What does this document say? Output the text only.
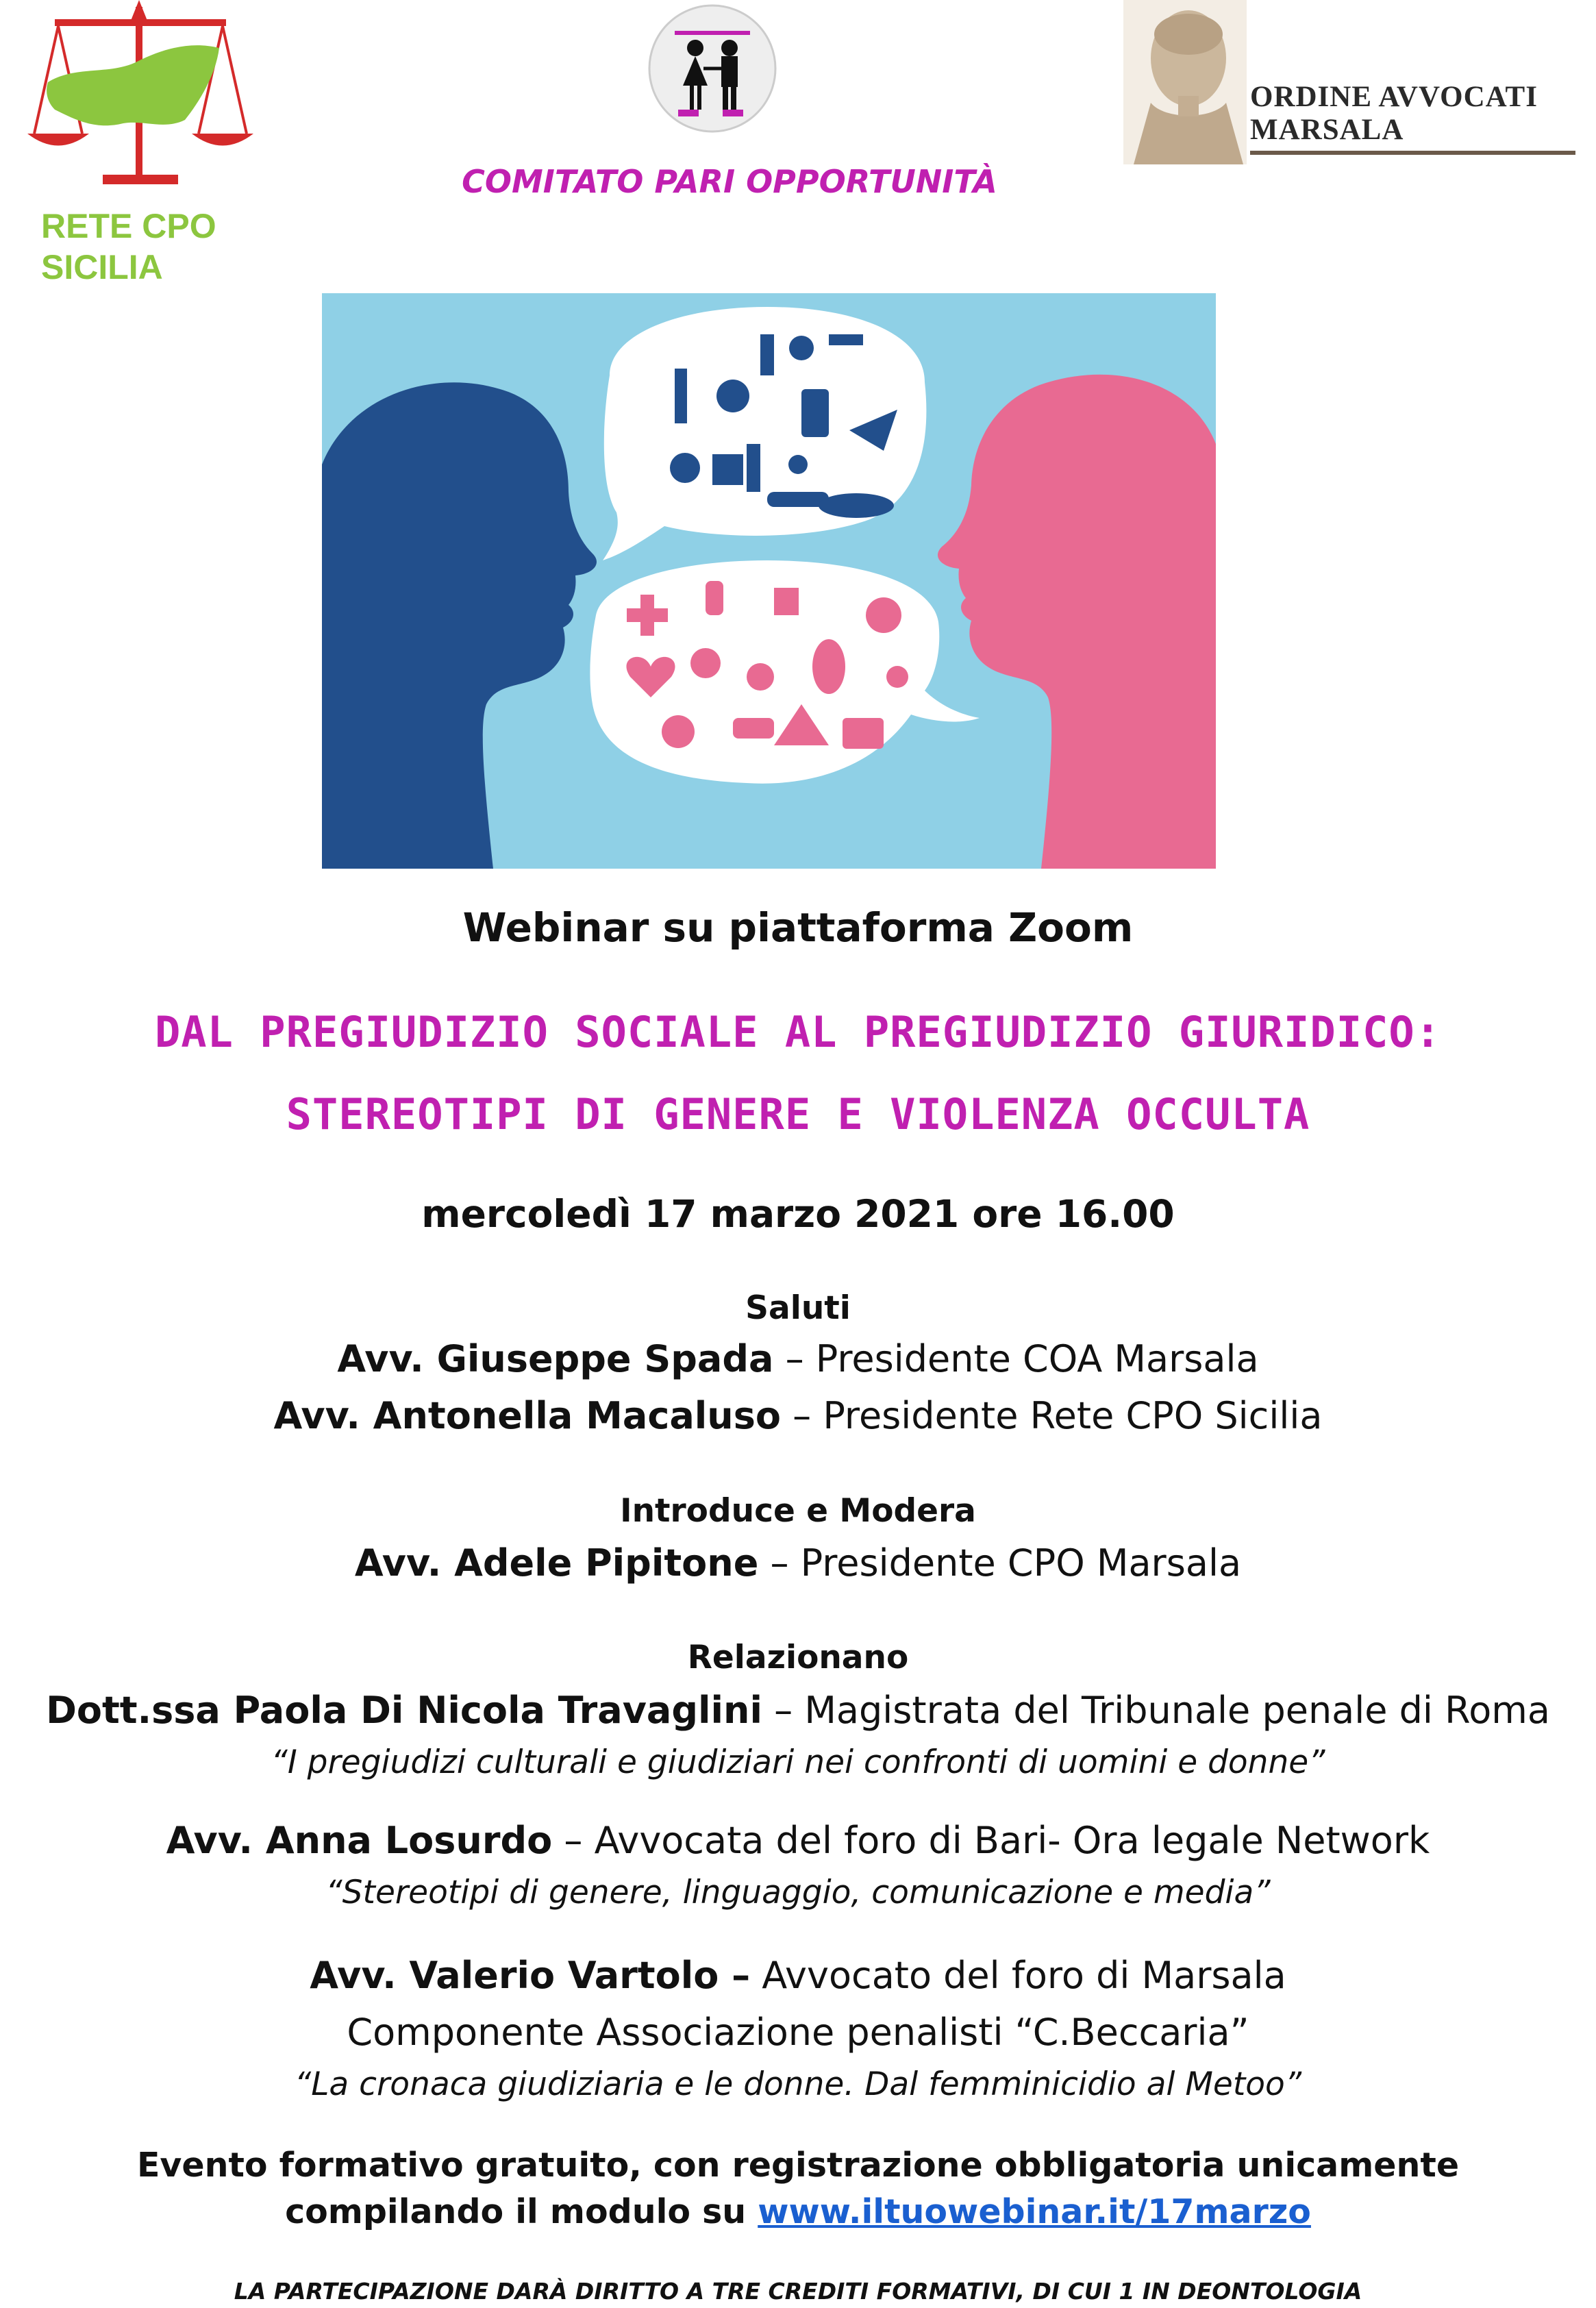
RETE CPO SICILIA
ORDINE AVVOCATI MARSALA
COMITATO PARI OPPORTUNITÀ
Webinar su piattaforma Zoom
DAL PREGIUDIZIO SOCIALE AL PREGIUDIZIO GIURIDICO:
STEREOTIPI DI GENERE E VIOLENZA OCCULTA
mercoledì 17 marzo 2021 ore 16.00
Saluti
Avv. Giuseppe Spada – Presidente COA Marsala
Avv. Antonella Macaluso – Presidente Rete CPO Sicilia
Introduce e Modera
Avv. Adele Pipitone – Presidente CPO Marsala
Relazionano
Dott.ssa Paola Di Nicola Travaglini – Magistrata del Tribunale penale di Roma
“I pregiudizi culturali e giudiziari nei confronti di uomini e donne”
Avv. Anna Losurdo – Avvocata del foro di Bari- Ora legale Network
“Stereotipi di genere, linguaggio, comunicazione e media”
Avv. Valerio Vartolo – Avvocato del foro di Marsala
Componente Associazione penalisti “C.Beccaria”
“La cronaca giudiziaria e le donne. Dal femminicidio al Metoo”
Evento formativo gratuito, con registrazione obbligatoria unicamente
compilando il modulo su www.iltuowebinar.it/17marzo
LA PARTECIPAZIONE DARÀ DIRITTO A TRE CREDITI FORMATIVI, DI CUI 1 IN DEONTOLOGIA
